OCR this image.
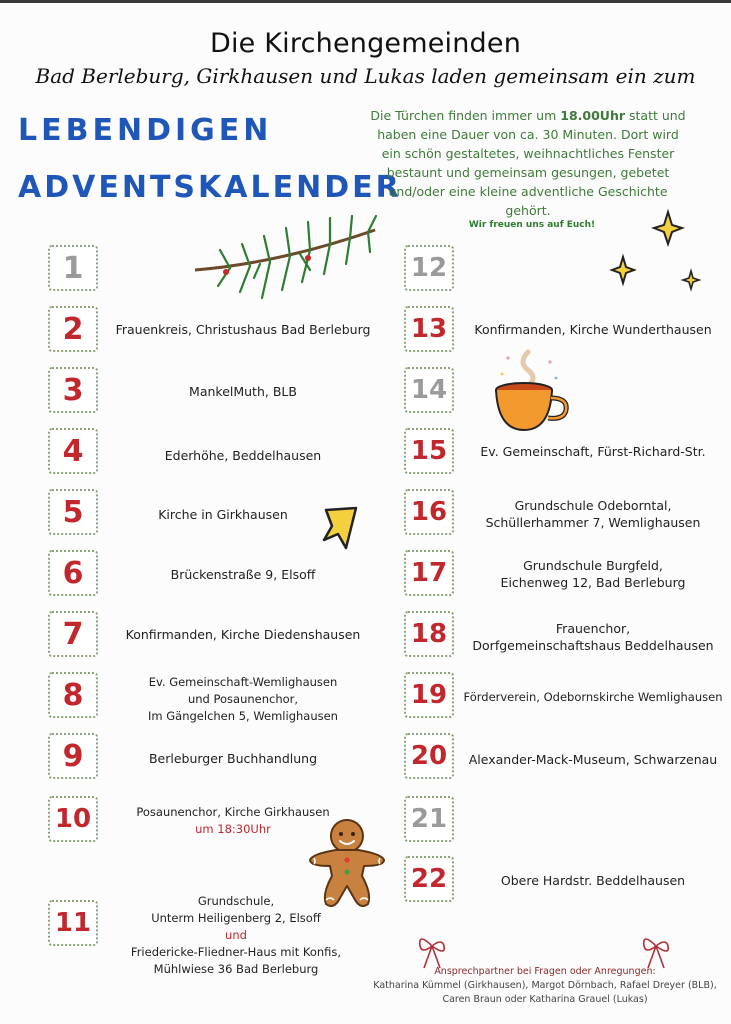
Die Kirchengemeinden
Bad Berleburg, Girkhausen und Lukas laden gemeinsam ein zum
LEBENDIGEN
ADVENTSKALENDER
Die Türchen finden immer um 18.00Uhr statt und
haben eine Dauer von ca. 30 Minuten. Dort wird
ein schön gestaltetes, weihnachtliches Fenster
bestaunt und gemeinsam gesungen, gebetet
und/oder eine kleine adventliche Geschichte
gehört.
Wir freuen uns auf Euch!
1
2
3
4
5
6
7
8
9
10
11
12
13
14
15
16
17
18
19
20
21
22
Frauenkreis, Christushaus Bad Berleburg
MankelMuth, BLB
Ederhöhe, Beddelhausen
Kirche in Girkhausen
Brückenstraße 9, Elsoff
Konfirmanden, Kirche Diedenshausen
Ev. Gemeinschaft-Wemlighausen
und Posaunenchor,
Im Gängelchen 5, Wemlighausen
Berleburger Buchhandlung
Posaunenchor, Kirche Girkhausen
um 18:30Uhr
Grundschule,
Unterm Heiligenberg 2, Elsoff
und
Friedericke-Fliedner-Haus mit Konfis,
Mühlwiese 36 Bad Berleburg
Konfirmanden, Kirche Wunderthausen
Ev. Gemeinschaft, Fürst-Richard-Str.
Grundschule Odeborntal,
Schüllerhammer 7, Wemlighausen
Grundschule Burgfeld,
Eichenweg 12, Bad Berleburg
Frauenchor,
Dorfgemeinschaftshaus Beddelhausen
Förderverein, Odebornskirche Wemlighausen
Alexander-Mack-Museum, Schwarzenau
Obere Hardstr. Beddelhausen
Ansprechpartner bei Fragen oder Anregungen:
Katharina Kümmel (Girkhausen), Margot Dörnbach, Rafael Dreyer (BLB),
Caren Braun oder Katharina Grauel (Lukas)
